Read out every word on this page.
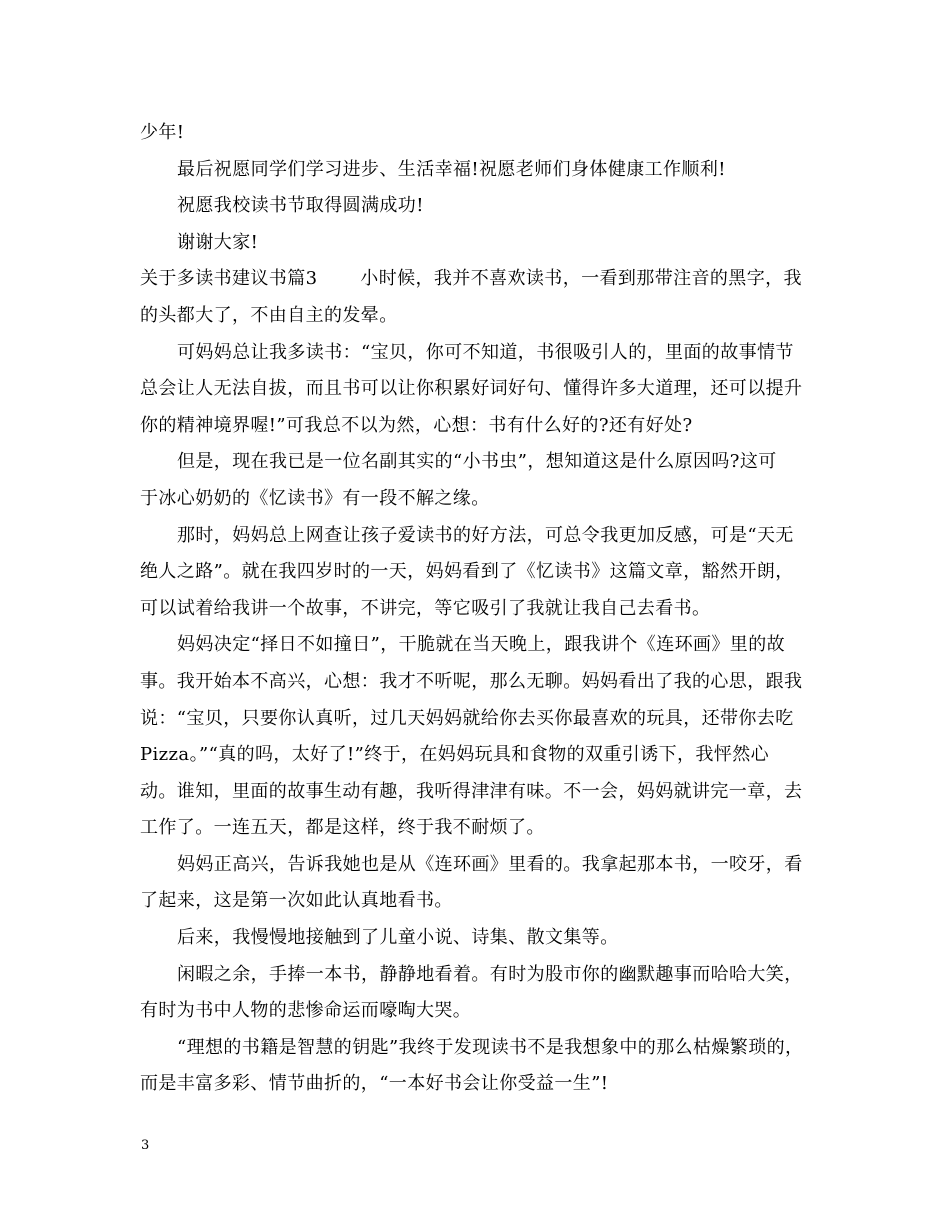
少年!
最后祝愿同学们学习进步、生活幸福!祝愿老师们身体健康工作顺利!
祝愿我校读书节取得圆满成功!
谢谢大家!
关于多读书建议书篇3       小时候，我并不喜欢读书，一看到那带注音的黑字，我
的头都大了，不由自主的发晕。
可妈妈总让我多读书：“宝贝，你可不知道，书很吸引人的，里面的故事情节
总会让人无法自拔，而且书可以让你积累好词好句、懂得许多大道理，还可以提升
你的精神境界喔!”可我总不以为然，心想：书有什么好的?还有好处?
但是，现在我已是一位名副其实的“小书虫”，想知道这是什么原因吗?这可
于冰心奶奶的《忆读书》有一段不解之缘。
那时，妈妈总上网查让孩子爱读书的好方法，可总令我更加反感，可是“天无
绝人之路”。就在我四岁时的一天，妈妈看到了《忆读书》这篇文章，豁然开朗，
可以试着给我讲一个故事，不讲完，等它吸引了我就让我自己去看书。
妈妈决定“择日不如撞日”，干脆就在当天晚上，跟我讲个《连环画》里的故
事。我开始本不高兴，心想：我才不听呢，那么无聊。妈妈看出了我的心思，跟我
说：“宝贝，只要你认真听，过几天妈妈就给你去买你最喜欢的玩具，还带你去吃
Pizza。”“真的吗，太好了!”终于，在妈妈玩具和食物的双重引诱下，我怦然心
动。谁知，里面的故事生动有趣，我听得津津有味。不一会，妈妈就讲完一章，去
工作了。一连五天，都是这样，终于我不耐烦了。
妈妈正高兴，告诉我她也是从《连环画》里看的。我拿起那本书，一咬牙，看
了起来，这是第一次如此认真地看书。
后来，我慢慢地接触到了儿童小说、诗集、散文集等。
闲暇之余，手捧一本书，静静地看着。有时为股市你的幽默趣事而哈哈大笑，
有时为书中人物的悲惨命运而嚎啕大哭。
“理想的书籍是智慧的钥匙”我终于发现读书不是我想象中的那么枯燥繁琐的，
而是丰富多彩、情节曲折的，“一本好书会让你受益一生”!
3
